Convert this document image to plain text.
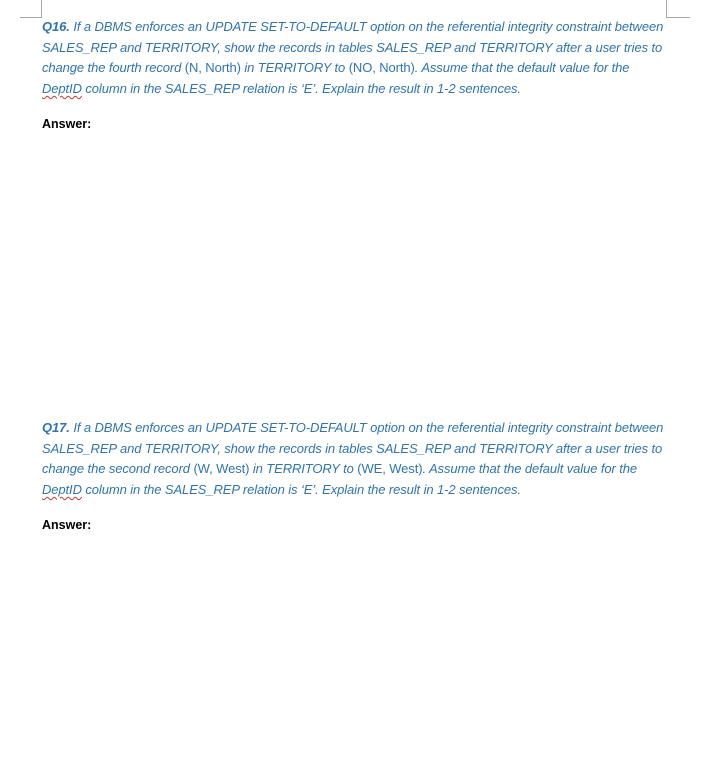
Q16. If a DBMS enforces an UPDATE SET-TO-DEFAULT option on the referential integrity constraint between SALES_REP and TERRITORY, show the records in tables SALES_REP and TERRITORY after a user tries to change the fourth record (N, North) in TERRITORY to (NO, North). Assume that the default value for the DeptID column in the SALES_REP relation is ‘E’. Explain the result in 1-2 sentences.

Answer:

Q17. If a DBMS enforces an UPDATE SET-TO-DEFAULT option on the referential integrity constraint between SALES_REP and TERRITORY, show the records in tables SALES_REP and TERRITORY after a user tries to change the second record (W, West) in TERRITORY to (WE, West). Assume that the default value for the DeptID column in the SALES_REP relation is ‘E’. Explain the result in 1-2 sentences.

Answer:
